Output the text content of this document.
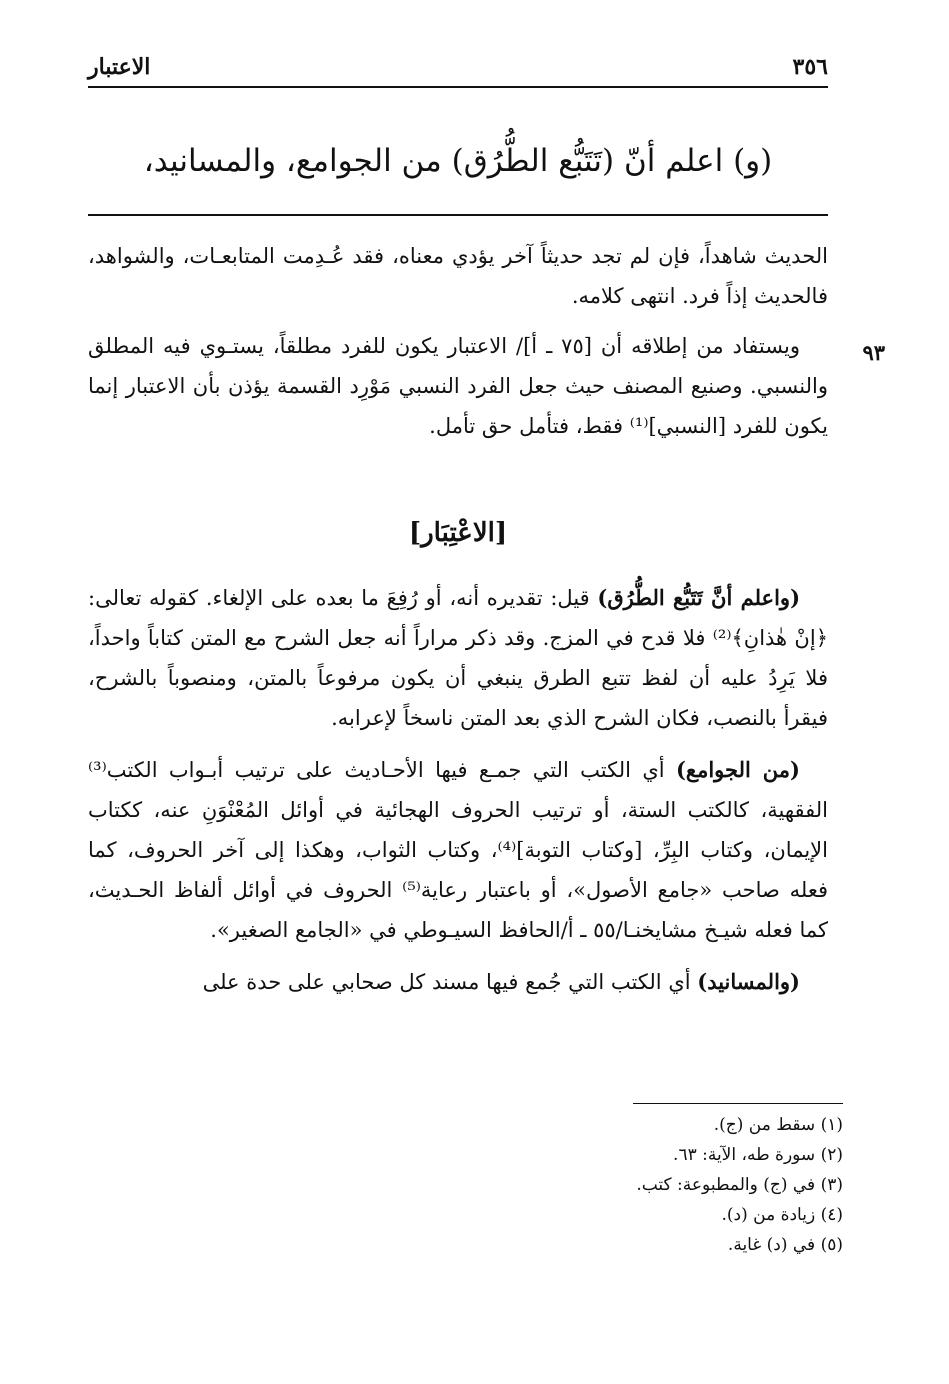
الاعتبار	٣٥٦
(و) اعلم أنّ (تَتَبُّع الطُّرُق) من الجوامع، والمسانيد،
٩٣

الحديث شاهداً، فإن لم تجد حديثاً آخر يؤدي معناه، فقد عُـدِمت المتابعـات، والشواهد، فالحديث إذاً فرد. انتهى كلامه.

ويستفاد من إطلاقه أن [٧٥ ـ أ]/ الاعتبار يكون للفرد مطلقاً، يستـوي فيه المطلق والنسبي. وصنيع المصنف حيث جعل الفرد النسبي مَوْرِد القسمة يؤذن بأن الاعتبار إنما يكون للفرد [النسبي]⁽¹⁾ فقط، فتأمل حق تأمل.

[الاعْتِبَار]

(واعلم أنَّ تَتَبُّع الطُّرُق) قيل: تقديره أنه، أو رُفِعَ ما بعده على الإلغاء. كقوله تعالى: ﴿إنْ هٰذانِ﴾⁽²⁾ فلا قدح في المزج. وقد ذكر مراراً أنه جعل الشرح مع المتن كتاباً واحداً، فلا يَرِدُ عليه أن لفظ تتبع الطرق ينبغي أن يكون مرفوعاً بالمتن، ومنصوباً بالشرح، فيقرأ بالنصب، فكان الشرح الذي بعد المتن ناسخاً لإعرابه.

(من الجوامع) أي الكتب التي جمـع فيها الأحـاديث على ترتيب أبـواب الكتب⁽³⁾ الفقهية، كالكتب الستة، أو ترتيب الحروف الهجائية في أوائل المُعْنْوَنِ عنه، ككتاب الإيمان، وكتاب البِرِّ، [وكتاب التوبة]⁽⁴⁾، وكتاب الثواب، وهكذا إلى آخر الحروف، كما فعله صاحب «جامع الأصول»، أو باعتبار رعاية⁽⁵⁾ الحروف في أوائل ألفاظ الحـديث، كما فعله شيـخ مشايخنـا/٥٥ ـ أ/الحافظ السيـوطي في «الجامع الصغير».

(والمسانيد) أي الكتب التي جُمع فيها مسند كل صحابي على حدة على

(١) سقط من (ج).

(٢) سورة طه، الآية: ٦٣.

(٣) في (ج) والمطبوعة: كتب.

(٤) زيادة من (د).

(٥) في (د) غاية.
